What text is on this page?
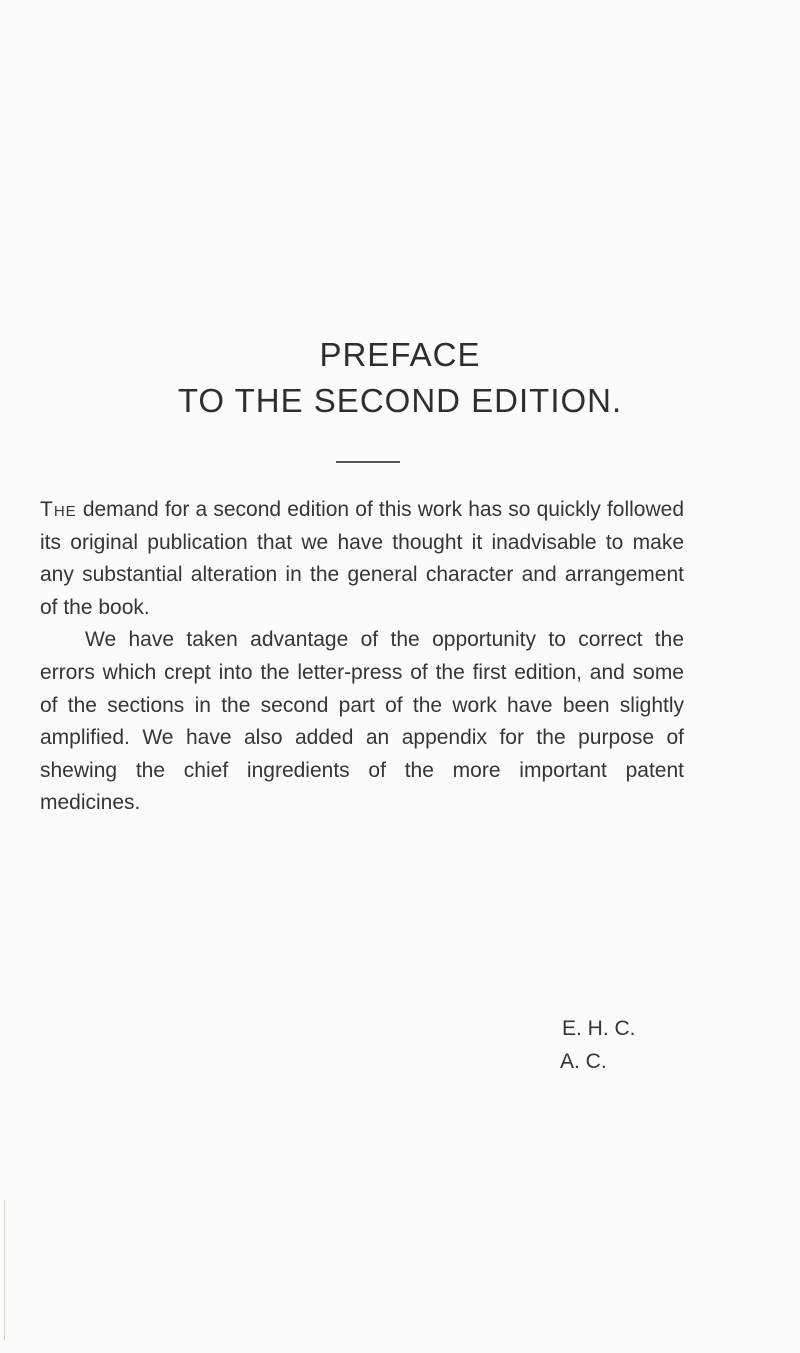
PREFACE
TO THE SECOND EDITION.

The demand for a second edition of this work has so quickly followed its original publication that we have thought it inadvisable to make any substantial alteration in the general character and arrangement of the book.

We have taken advantage of the opportunity to correct the errors which crept into the letter-press of the first edition, and some of the sections in the second part of the work have been slightly amplified. We have also added an appendix for the purpose of shewing the chief ingredients of the more important patent medicines.

E. H. C.
A. C.
